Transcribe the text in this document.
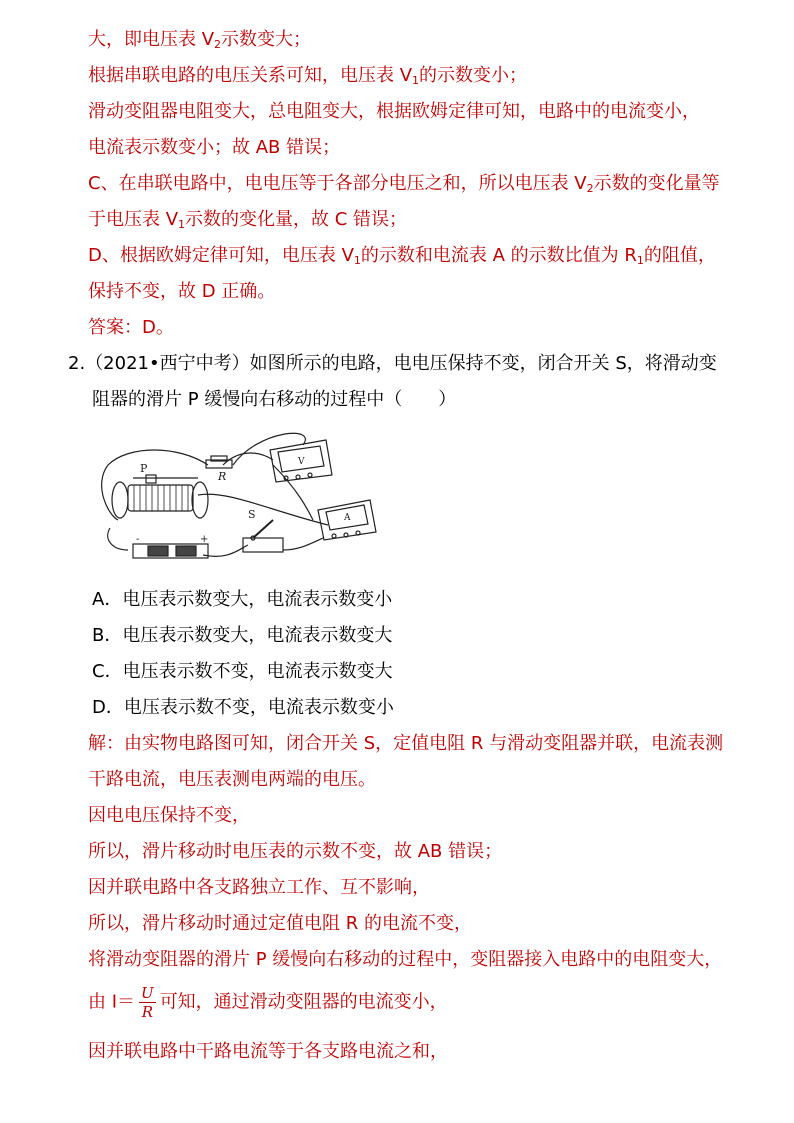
大，即电压表 $V_2$示数变大；
根据串联电路的电压关系可知，电压表 $V_1$的示数变小；
滑动变阻器电阻变大，总电阻变大，根据欧姆定律可知，电路中的电流变小，
电流表示数变小；故 AB 错误；
C、在串联电路中，电电压等于各部分电压之和，所以电压表 $V_2$示数的变化量等
于电压表 $V_1$示数的变化量，故 C 错误；
D、根据欧姆定律可知，电压表 $V_1$的示数和电流表 A 的示数比值为 $R_1$的阻值，
保持不变，故 D 正确。
答案：D。
2.（2021•西宁中考）如图所示的电路，电电压保持不变，闭合开关 S，将滑动变
阻器的滑片 P 缓慢向右移动的过程中（　　）
R
P
S
V
A
-	+
A．电压表示数变大，电流表示数变小
B．电压表示数变大，电流表示数变大
C．电压表示数不变，电流表示数变大
D．电压表示数不变，电流表示数变小
解：由实物电路图可知，闭合开关 S，定值电阻 R 与滑动变阻器并联，电流表测
干路电流，电压表测电两端的电压。
因电电压保持不变，
所以，滑片移动时电压表的示数不变，故 AB 错误；
因并联电路中各支路独立工作、互不影响，
所以，滑片移动时通过定值电阻 R 的电流不变，
将滑动变阻器的滑片 P 缓慢向右移动的过程中，变阻器接入电路中的电阻变大，
由 $I= \frac{U}{R}$ 可知，通过滑动变阻器的电流变小，
因并联电路中干路电流等于各支路电流之和，
